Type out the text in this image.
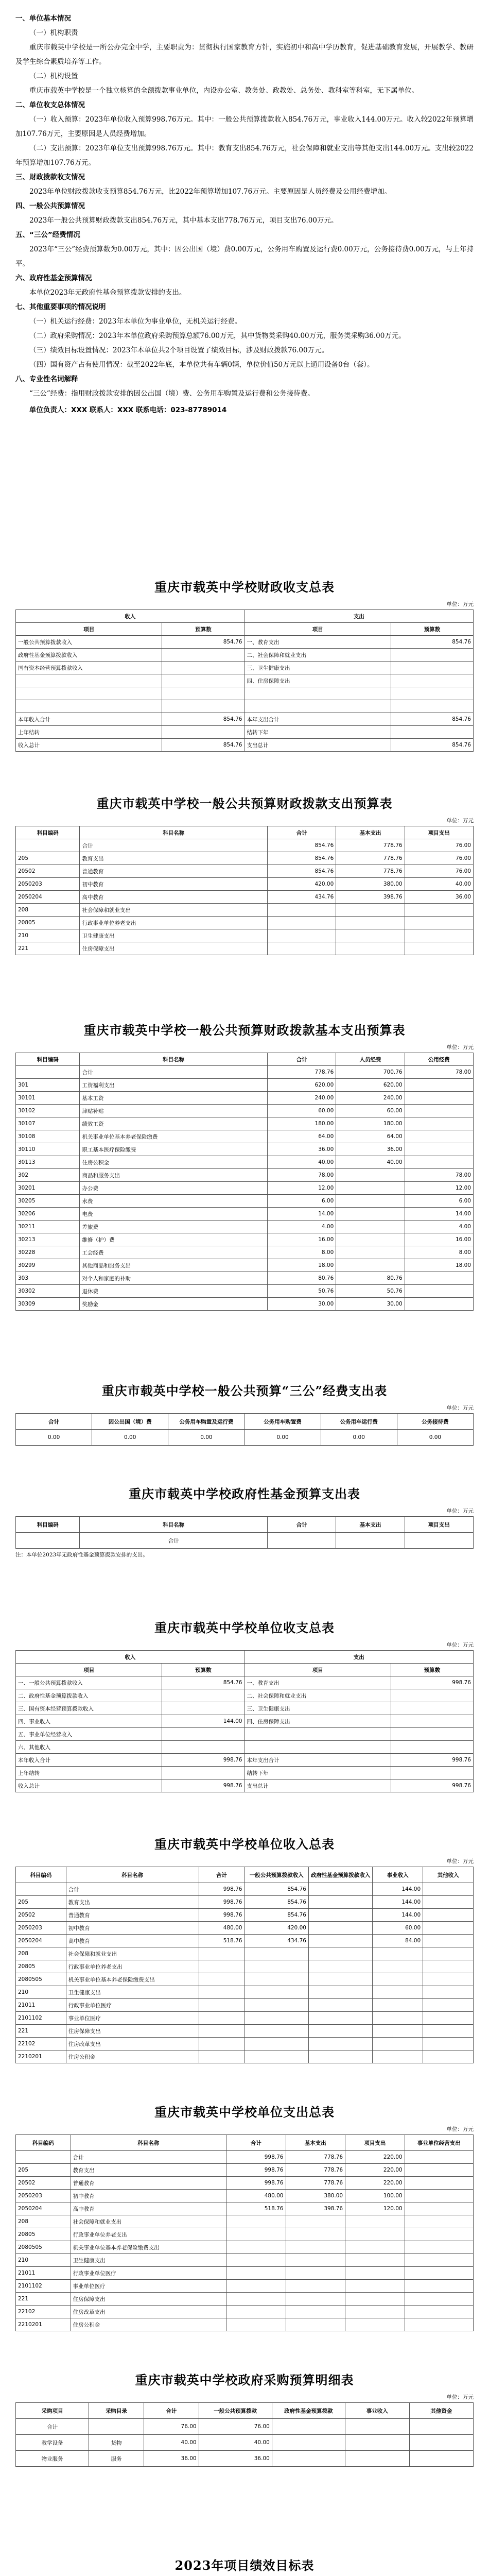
一、单位基本情况

（一）机构职责

重庆市载英中学校是一所公办完全中学，主要职责为：贯彻执行国家教育方针，实施初中和高中学历教育，促进基础教育发展，开展教学、教研及学生综合素质培养等工作。

（二）机构设置

重庆市载英中学校是一个独立核算的全额拨款事业单位，内设办公室、教务处、政教处、总务处、教科室等科室，无下属单位。

二、单位收支总体情况

（一）收入预算：2023年单位收入预算998.76万元。其中：一般公共预算拨款收入854.76万元，事业收入144.00万元。收入较2022年预算增加107.76万元，主要原因是人员经费增加。

（二）支出预算：2023年单位支出预算998.76万元。其中：教育支出854.76万元，社会保障和就业支出等其他支出144.00万元。支出较2022年预算增加107.76万元。

三、财政拨款收支情况

2023年单位财政拨款收支预算854.76万元，比2022年预算增加107.76万元。主要原因是人员经费及公用经费增加。

四、一般公共预算情况

2023年一般公共预算财政拨款支出854.76万元，其中基本支出778.76万元，项目支出76.00万元。

五、“三公”经费情况

2023年“三公”经费预算数为0.00万元，其中：因公出国（境）费0.00万元，公务用车购置及运行费0.00万元，公务接待费0.00万元，与上年持平。

六、政府性基金预算情况

本单位2023年无政府性基金预算拨款安排的支出。

七、其他重要事项的情况说明

（一）机关运行经费：2023年本单位为事业单位，无机关运行经费。

（二）政府采购情况：2023年本单位政府采购预算总额76.00万元，其中货物类采购40.00万元，服务类采购36.00万元。

（三）绩效目标设置情况：2023年本单位共2个项目设置了绩效目标，涉及财政拨款76.00万元。

（四）国有资产占有使用情况：截至2022年底，本单位共有车辆0辆，单位价值50万元以上通用设备0台（套）。

八、专业性名词解释

“三公”经费：指用财政拨款安排的因公出国（境）费、公务用车购置及运行费和公务接待费。

单位负责人：XXX 联系人：XXX 联系电话：023-87789014

重庆市载英中学校财政收支总表
单位：万元
收入		支出	
项目	预算数	项目	预算数
一般公共预算拨款收入	854.76	一、教育支出	854.76
政府性基金预算拨款收入		二、社会保障和就业支出	
国有资本经营预算拨款收入		三、卫生健康支出	
		四、住房保障支出	

本年收入合计	854.76	本年支出合计	854.76
上年结转		结转下年	
收入总计	854.76	支出总计	854.76
重庆市载英中学校一般公共预算财政拨款支出预算表
单位：万元
科目编码	科目名称	合计	基本支出	项目支出
	合计	854.76	778.76	76.00
205	教育支出	854.76	778.76	76.00
20502	普通教育	854.76	778.76	76.00
2050203	初中教育	420.00	380.00	40.00
2050204	高中教育	434.76	398.76	36.00
208	社会保障和就业支出			
20805	行政事业单位养老支出			
210	卫生健康支出			
221	住房保障支出			
重庆市载英中学校一般公共预算财政拨款基本支出预算表
单位：万元
科目编码	科目名称	合计	人员经费	公用经费
	合计	778.76	700.76	78.00
301	工资福利支出	620.00	620.00	
30101	基本工资	240.00	240.00	
30102	津贴补贴	60.00	60.00	
30107	绩效工资	180.00	180.00	
30108	机关事业单位基本养老保险缴费	64.00	64.00	
30110	职工基本医疗保险缴费	36.00	36.00	
30113	住房公积金	40.00	40.00	
302	商品和服务支出	78.00		78.00
30201	办公费	12.00		12.00
30205	水费	6.00		6.00
30206	电费	14.00		14.00
30211	差旅费	4.00		4.00
30213	维修（护）费	16.00		16.00
30228	工会经费	8.00		8.00
30299	其他商品和服务支出	18.00		18.00
303	对个人和家庭的补助	80.76	80.76	
30302	退休费	50.76	50.76	
30309	奖励金	30.00	30.00	
重庆市载英中学校一般公共预算“三公”经费支出表
单位：万元
合计	因公出国（境）费	公务用车购置及运行费	公务用车购置费	公务用车运行费	公务接待费
0.00	0.00	0.00	0.00	0.00	0.00
重庆市载英中学校政府性基金预算支出表
单位：万元
科目编码	科目名称	合计	基本支出	项目支出
	合计			
注：本单位2023年无政府性基金预算拨款安排的支出。
重庆市载英中学校单位收支总表
单位：万元
收入		支出	
项目	预算数	项目	预算数
一、一般公共预算拨款收入	854.76	一、教育支出	998.76
二、政府性基金预算拨款收入		二、社会保障和就业支出	
三、国有资本经营预算拨款收入		三、卫生健康支出	
四、事业收入	144.00	四、住房保障支出	
五、事业单位经营收入			
六、其他收入			
本年收入合计	998.76	本年支出合计	998.76
上年结转		结转下年	
收入总计	998.76	支出总计	998.76
重庆市载英中学校单位收入总表
单位：万元
科目编码	科目名称	合计	一般公共预算拨款收入	政府性基金预算拨款收入	事业收入	其他收入
	合计	998.76	854.76		144.00	
205	教育支出	998.76	854.76		144.00	
20502	普通教育	998.76	854.76		144.00	
2050203	初中教育	480.00	420.00		60.00	
2050204	高中教育	518.76	434.76		84.00	
208	社会保障和就业支出					
20805	行政事业单位养老支出					
2080505	机关事业单位基本养老保险缴费支出					
210	卫生健康支出					
21011	行政事业单位医疗					
2101102	事业单位医疗					
221	住房保障支出					
22102	住房改革支出					
2210201	住房公积金					
重庆市载英中学校单位支出总表
单位：万元
科目编码	科目名称	合计	基本支出	项目支出	事业单位经营支出
	合计	998.76	778.76	220.00	
205	教育支出	998.76	778.76	220.00	
20502	普通教育	998.76	778.76	220.00	
2050203	初中教育	480.00	380.00	100.00	
2050204	高中教育	518.76	398.76	120.00	
208	社会保障和就业支出				
20805	行政事业单位养老支出				
2080505	机关事业单位基本养老保险缴费支出				
210	卫生健康支出				
21011	行政事业单位医疗				
2101102	事业单位医疗				
221	住房保障支出				
22102	住房改革支出				
2210201	住房公积金				
重庆市载英中学校政府采购预算明细表
单位：万元
采购项目	采购目录	合计	一般公共预算拨款	政府性基金预算拨款	事业收入	其他资金
合计		76.00	76.00			
教学设备	货物	40.00	40.00			
物业服务	服务	36.00	36.00			
2023年项目绩效目标表
